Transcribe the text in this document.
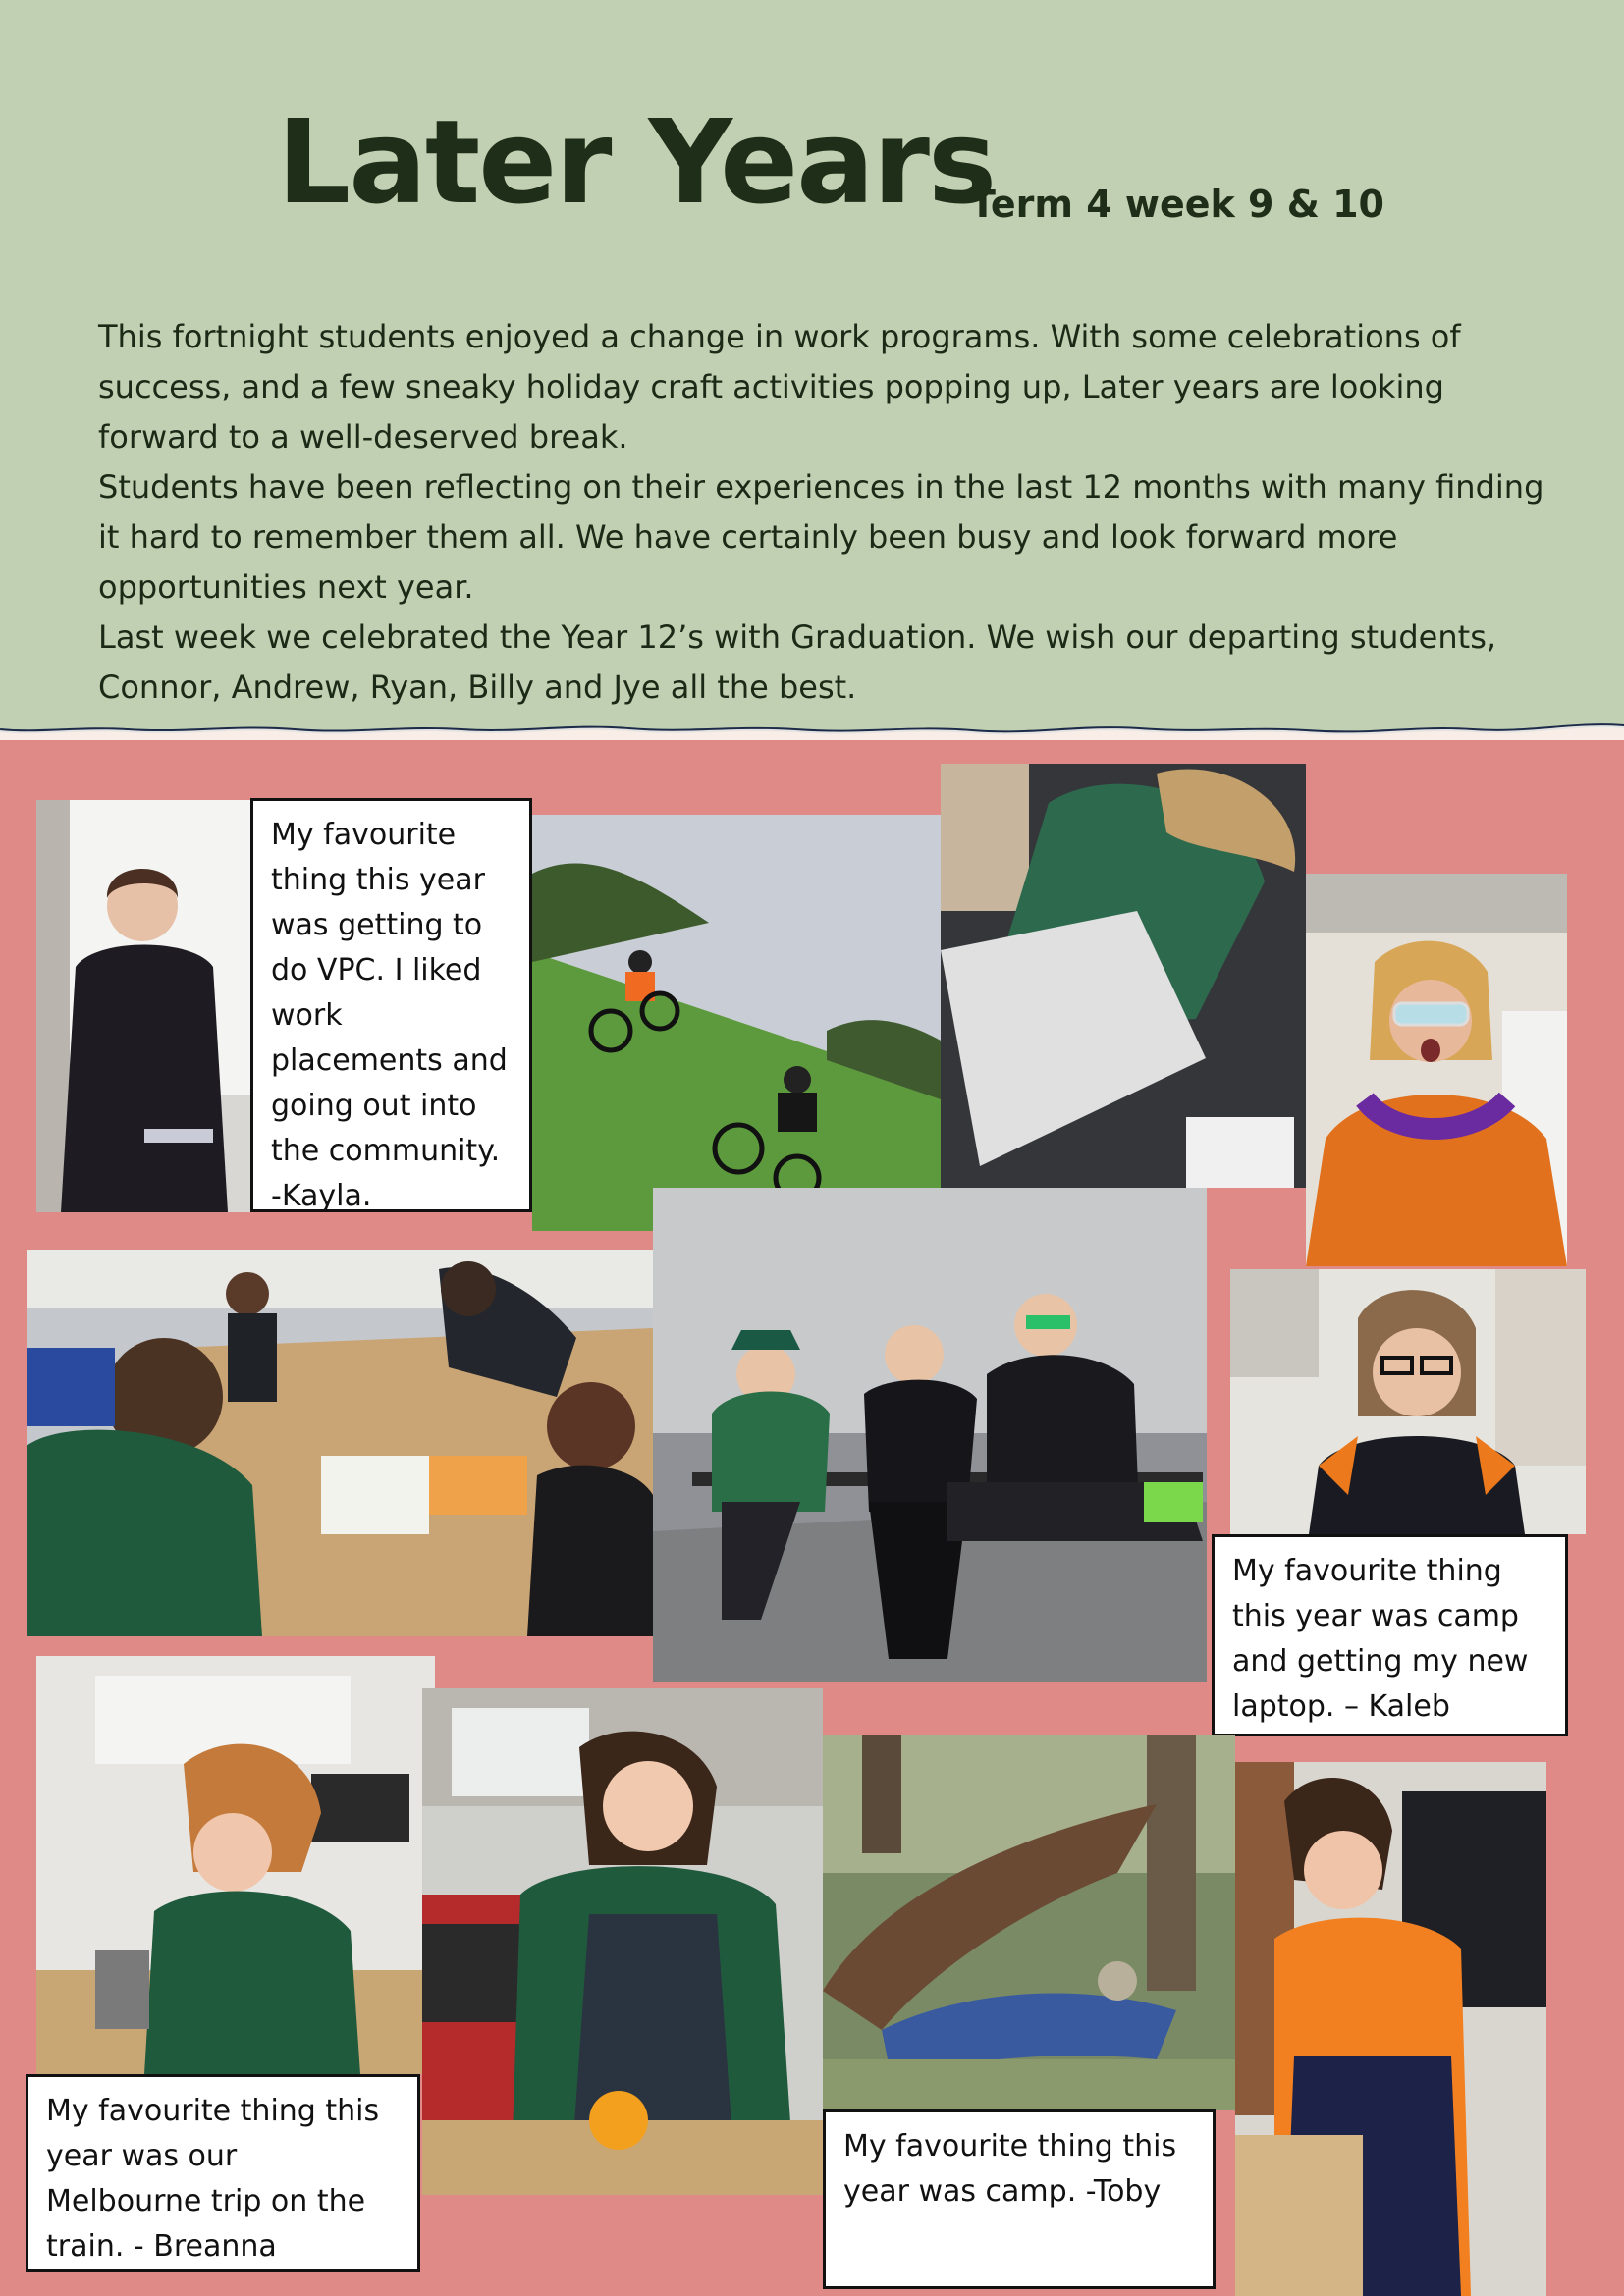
Later Years
Term 4 week 9 & 10

This fortnight students enjoyed a change in work programs. With some celebrations of success, and a few sneaky holiday craft activities popping up, Later years are looking forward to a well-deserved break.

Students have been reflecting on their experiences in the last 12 months with many finding it hard to remember them all. We have certainly been busy and look forward more opportunities next year.

Last week we celebrated the Year 12’s with Graduation. We wish our departing students, Connor, Andrew, Ryan, Billy and Jye all the best.

My favourite thing this year was getting to do VPC. I liked work placements and going out into the community. -Kayla.
My favourite thing this year was camp and getting my new laptop. – Kaleb
My favourite thing this year was our Melbourne trip on the train. - Breanna
My favourite thing this year was camp. -Toby
